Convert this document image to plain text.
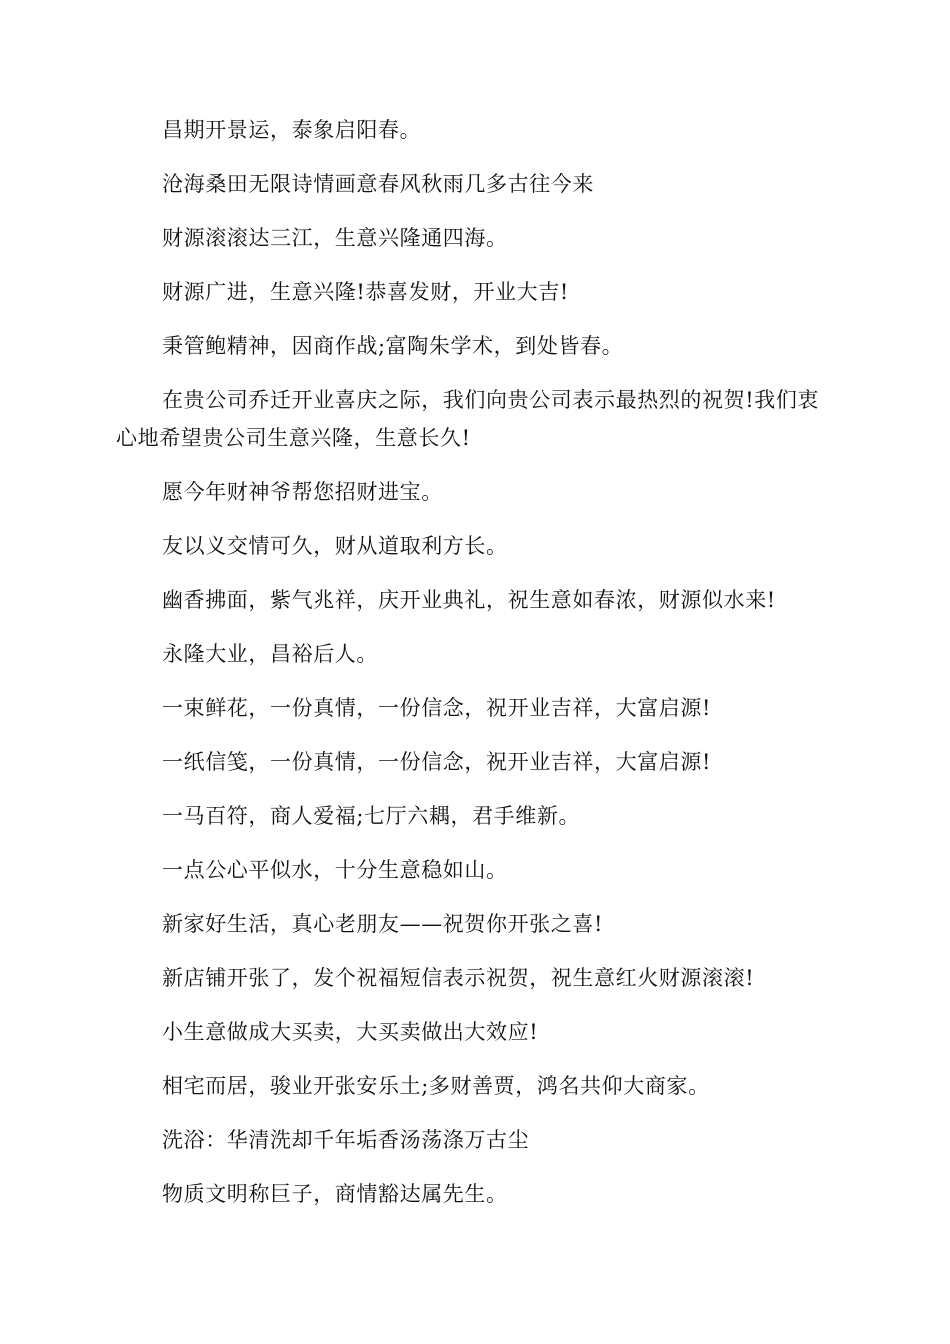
昌期开景运，泰象启阳春。

沧海桑田无限诗情画意春风秋雨几多古往今来

财源滚滚达三江，生意兴隆通四海。

财源广进，生意兴隆!恭喜发财，开业大吉!

秉管鲍精神，因商作战;富陶朱学术，到处皆春。

在贵公司乔迁开业喜庆之际，我们向贵公司表示最热烈的祝贺!我们衷心地希望贵公司生意兴隆，生意长久!

愿今年财神爷帮您招财进宝。

友以义交情可久，财从道取利方长。

幽香拂面，紫气兆祥，庆开业典礼，祝生意如春浓，财源似水来!

永隆大业，昌裕后人。

一束鲜花，一份真情，一份信念，祝开业吉祥，大富启源!

一纸信笺，一份真情，一份信念，祝开业吉祥，大富启源!

一马百符，商人爱福;七厅六耦，君手维新。

一点公心平似水，十分生意稳如山。

新家好生活，真心老朋友——祝贺你开张之喜!

新店铺开张了，发个祝福短信表示祝贺，祝生意红火财源滚滚!

小生意做成大买卖，大买卖做出大效应!

相宅而居，骏业开张安乐土;多财善贾，鸿名共仰大商家。

洗浴：华清洗却千年垢香汤荡涤万古尘

物质文明称巨子，商情豁达属先生。
